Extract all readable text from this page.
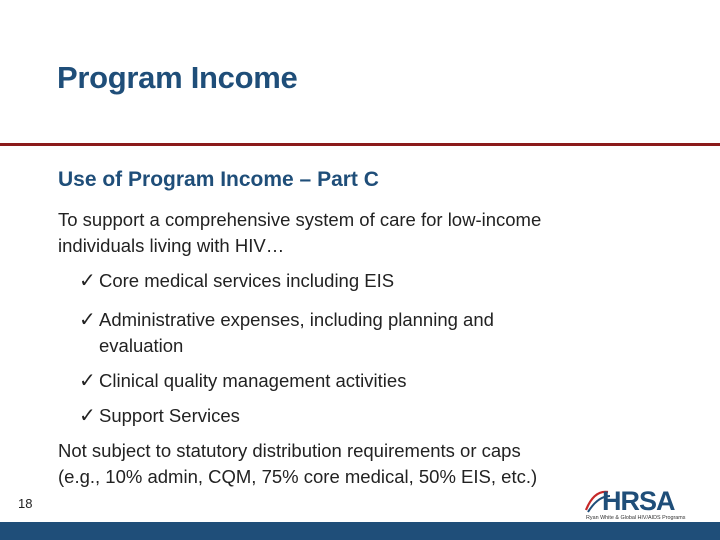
Program Income
Use of Program Income – Part C
To support a comprehensive system of care for low-income
individuals living with HIV…
✓ Core medical services including EIS
✓ Administrative expenses, including planning and
evaluation
✓ Clinical quality management activities
✓ Support Services
Not subject to statutory distribution requirements or caps
(e.g., 10% admin, CQM, 75% core medical, 50% EIS, etc.)
18	HRSA
Ryan White & Global HIV/AIDS Programs
